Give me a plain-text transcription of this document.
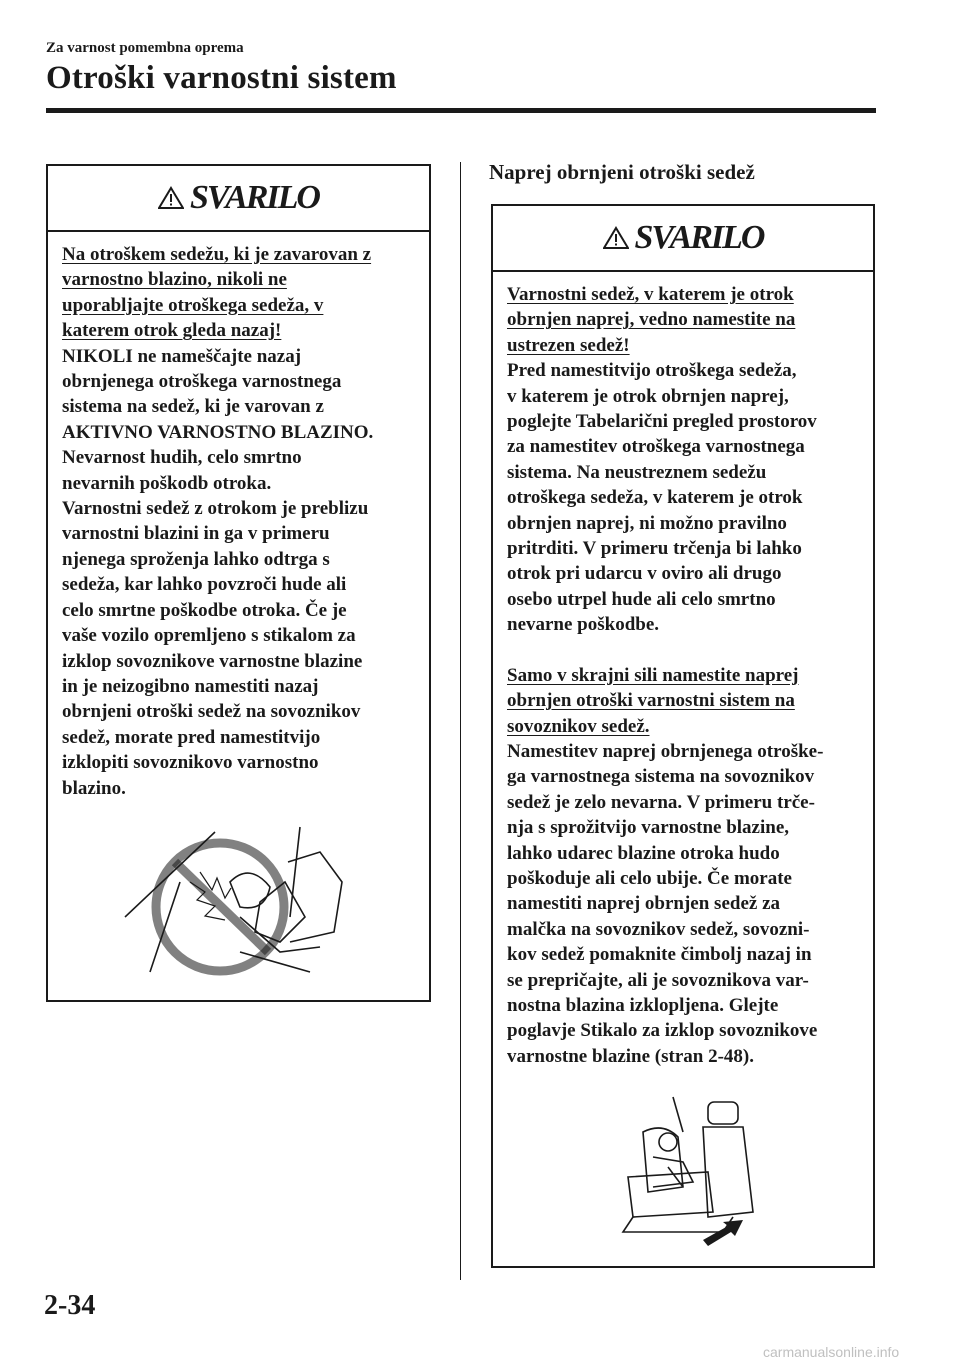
Za varnost pomembna oprema
Otroški varnostni sistem
SVARILO

Na otroškem sedežu, ki je zavarovan z

varnostno blazino, nikoli ne

uporabljajte otroškega sedeža, v

katerem otrok gleda nazaj!

NIKOLI ne nameščajte nazaj

obrnjenega otroškega varnostnega

sistema na sedež, ki je varovan z

AKTIVNO VARNOSTNO BLAZINO.

Nevarnost hudih, celo smrtno

nevarnih poškodb otroka.

Varnostni sedež z otrokom je preblizu

varnostni blazini in ga v primeru

njenega sproženja lahko odtrga s

sedeža, kar lahko povzroči hude ali

celo smrtne poškodbe otroka. Če je

vaše vozilo opremljeno s stikalom za

izklop sovoznikove varnostne blazine

in je neizogibno namestiti nazaj

obrnjeni otroški sedež na sovoznikov

sedež, morate pred namestitvijo

izklopiti sovoznikovo varnostno

blazino.

Naprej obrnjeni otroški sedež
SVARILO

Varnostni sedež, v katerem je otrok

obrnjen naprej, vedno namestite na

ustrezen sedež!

Pred namestitvijo otroškega sedeža,

v katerem je otrok obrnjen naprej,

poglejte Tabelarični pregled prostorov

za namestitev otroškega varnostnega

sistema. Na neustreznem sedežu

otroškega sedeža, v katerem je otrok

obrnjen naprej, ni možno pravilno

pritrditi. V primeru trčenja bi lahko

otrok pri udarcu v oviro ali drugo

osebo utrpel hude ali celo smrtno

nevarne poškodbe.

Samo v skrajni sili namestite naprej

obrnjen otroški varnostni sistem na

sovoznikov sedež.

Namestitev naprej obrnjenega otroške-

ga varnostnega sistema na sovoznikov

sedež je zelo nevarna. V primeru trče-

nja s sprožitvijo varnostne blazine,

lahko udarec blazine otroka hudo

poškoduje ali celo ubije. Če morate

namestiti naprej obrnjen sedež za

malčka na sovoznikov sedež, sovozni-

kov sedež pomaknite čimbolj nazaj in

se prepričajte, ali je sovoznikova var-

nostna blazina izklopljena. Glejte

poglavje Stikalo za izklop sovoznikove

varnostne blazine (stran 2-48).

2-34
carmanualsonline.info
